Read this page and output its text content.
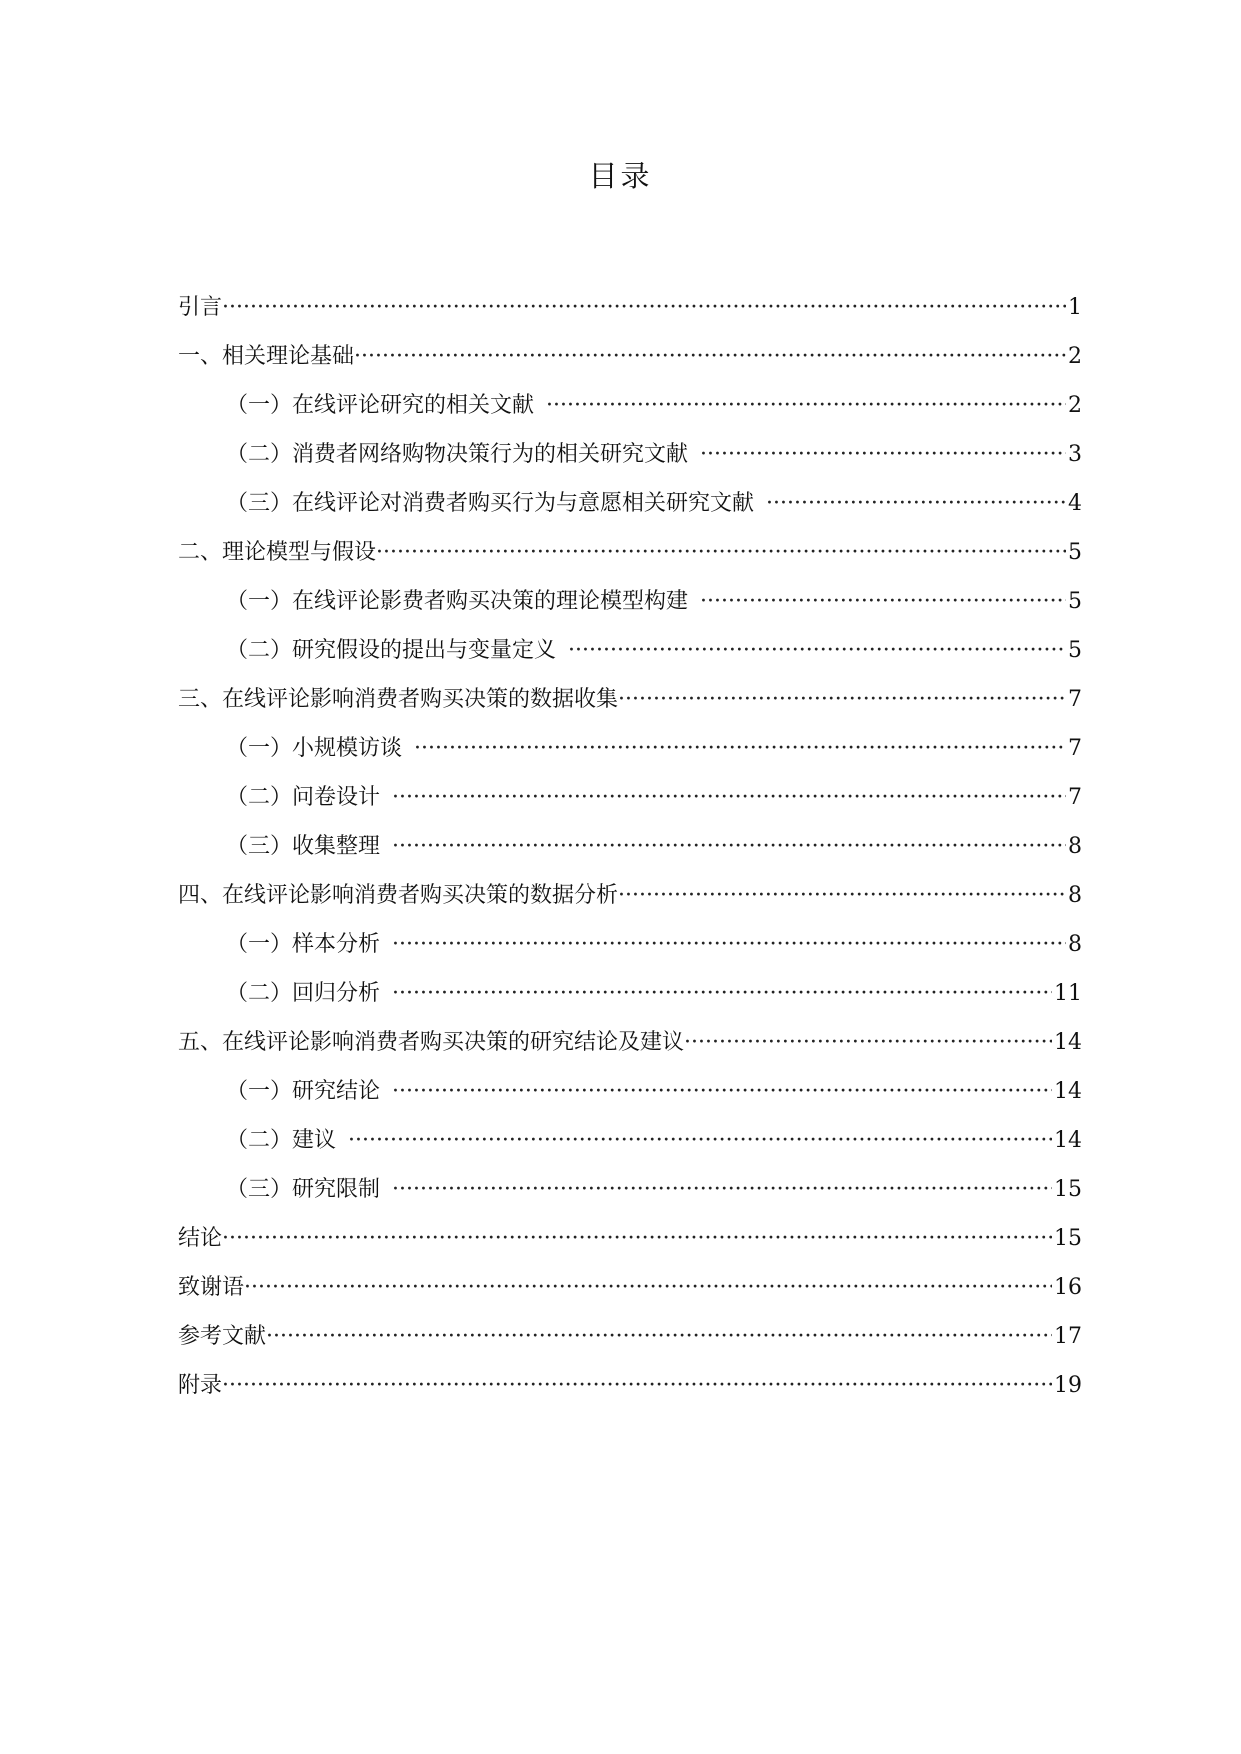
目录
引言 ·····	1
一、相关理论基础 ·····	2
（一）在线评论研究的相关文献 ·····	2
（二）消费者网络购物决策行为的相关研究文献 ·····	3
（三）在线评论对消费者购买行为与意愿相关研究文献 ·····	4
二、理论模型与假设 ·····	5
（一）在线评论影费者购买决策的理论模型构建 ·····	5
（二）研究假设的提出与变量定义 ·····	5
三、在线评论影响消费者购买决策的数据收集 ·····	7
（一）小规模访谈 ·····	7
（二）问卷设计 ·····	7
（三）收集整理 ·····	8
四、在线评论影响消费者购买决策的数据分析 ·····	8
（一）样本分析 ·····	8
（二）回归分析 ·····	11
五、在线评论影响消费者购买决策的研究结论及建议 ·····	14
（一）研究结论 ·····	14
（二）建议 ·····	14
（三）研究限制 ·····	15
结论 ·····	15
致谢语 ·····	16
参考文献 ·····	17
附录 ·····	19
